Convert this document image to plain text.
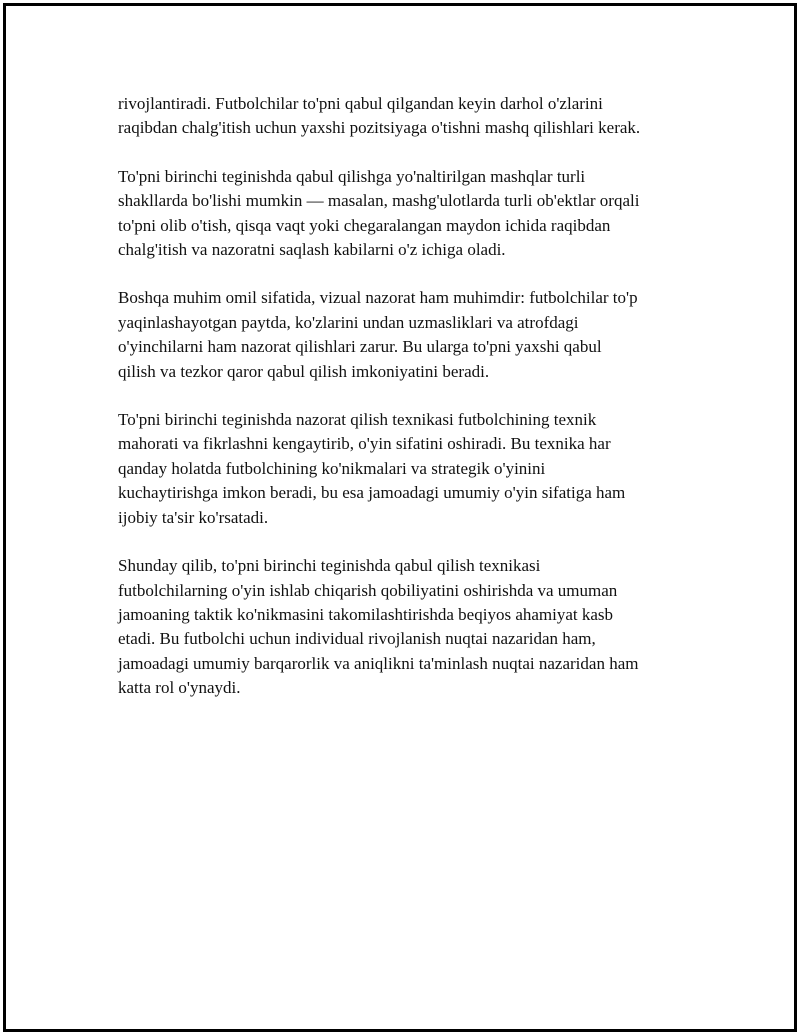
rivojlantiradi. Futbolchilar to'pni qabul qilgandan keyin darhol o'zlarini
raqibdan chalg'itish uchun yaxshi pozitsiyaga o'tishni mashq qilishlari kerak.

To'pni birinchi teginishda qabul qilishga yo'naltirilgan mashqlar turli
shakllarda bo'lishi mumkin — masalan, mashg'ulotlarda turli ob'ektlar orqali
to'pni olib o'tish, qisqa vaqt yoki chegaralangan maydon ichida raqibdan
chalg'itish va nazoratni saqlash kabilarni o'z ichiga oladi.

Boshqa muhim omil sifatida, vizual nazorat ham muhimdir: futbolchilar to'p
yaqinlashayotgan paytda, ko'zlarini undan uzmasliklari va atrofdagi
o'yinchilarni ham nazorat qilishlari zarur. Bu ularga to'pni yaxshi qabul
qilish va tezkor qaror qabul qilish imkoniyatini beradi.

To'pni birinchi teginishda nazorat qilish texnikasi futbolchining texnik
mahorati va fikrlashni kengaytirib, o'yin sifatini oshiradi. Bu texnika har
qanday holatda futbolchining ko'nikmalari va strategik o'yinini
kuchaytirishga imkon beradi, bu esa jamoadagi umumiy o'yin sifatiga ham
ijobiy ta'sir ko'rsatadi.

Shunday qilib, to'pni birinchi teginishda qabul qilish texnikasi
futbolchilarning o'yin ishlab chiqarish qobiliyatini oshirishda va umuman
jamoaning taktik ko'nikmasini takomilashtirishda beqiyos ahamiyat kasb
etadi. Bu futbolchi uchun individual rivojlanish nuqtai nazaridan ham,
jamoadagi umumiy barqarorlik va aniqlikni ta'minlash nuqtai nazaridan ham
katta rol o'ynaydi.
